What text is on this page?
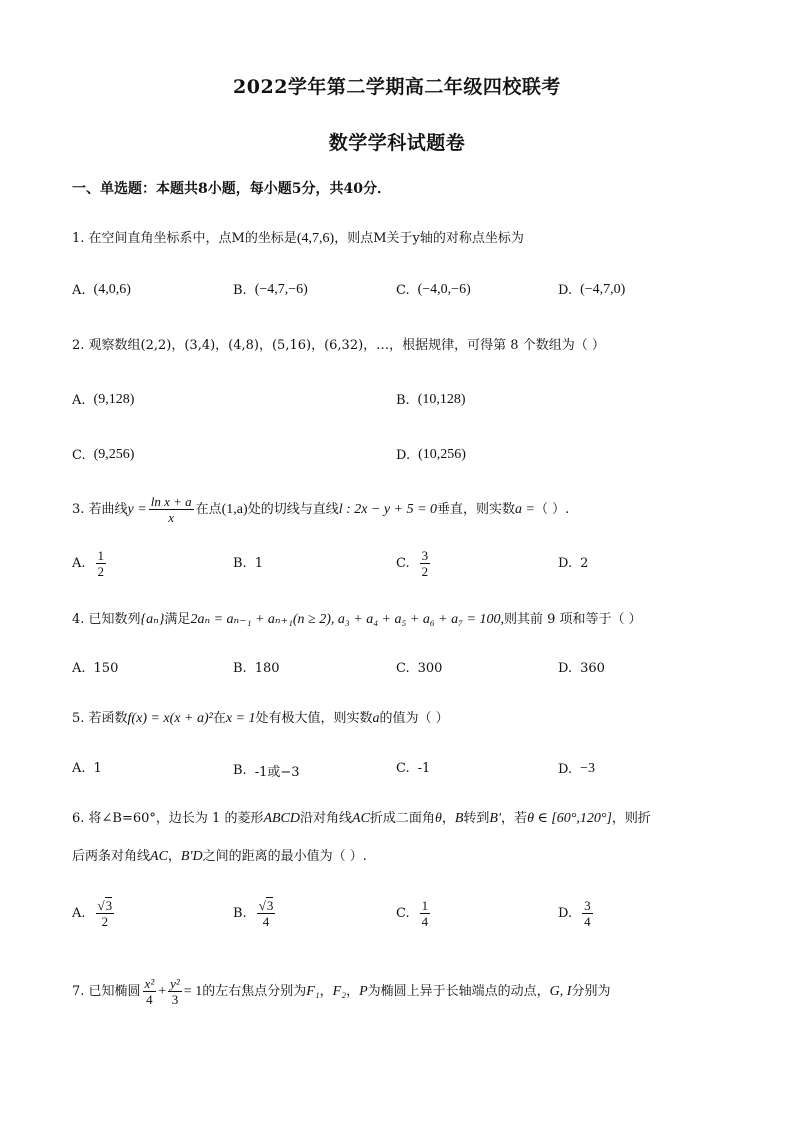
2022学年第二学期高二年级四校联考
数学学科试题卷
一、单选题：本题共8小题，每小题5分，共40分．
1. 在空间直角坐标系中，点M的坐标是(4,7,6)，则点M关于y轴的对称点坐标为
A. (4,0,6)	B. (−4,7,−6)	C. (−4,0,−6)	D. (−4,7,0)
2. 观察数组(2,2)，(3,4)，(4,8)，(5,16)，(6,32)，…，根据规律，可得第 8 个数组为（ ）
A. (9,128)	B. (10,128)
C. (9,256)	D. (10,256)
3. 若曲线$y = \frac{\text{ln x + a}}{x}$ 在点(1,a)处的切线与直线l : 2x − y + 5 = 0垂直，则实数a =（ ）.
A. $\frac{1}{2}$	B. 1	C. $\frac{3}{2}$	D. 2
4. 已知数列{aₙ}满足2aₙ = aₙ₋₁ + aₙ₊₁(n ≥ 2), a₃ + a₄ + a₅ + a₆ + a₇ = 100,则其前 9 项和等于（ ）
A. 150	B. 180	C. 300	D. 360
5. 若函数f(x) = x(x + a)²在x = 1处有极大值，则实数a的值为（ ）
A. 1	B. -1或−3	C. -1	D. −3
6. 将∠B=60°，边长为 1 的菱形ABCD沿对角线AC折成二面角θ，B转到B′，若θ ∈ [60°,120°]，则折
后两条对角线AC，B′D之间的距离的最小值为（ ）.
A. $\frac{√3}{2}$	B. $\frac{√3}{4}$	C. $\frac{1}{4}$	D. $\frac{3}{4}$
7. 已知椭圆 $\frac{\text{x²}}{4} + \frac{\text{y²}}{3} = 1$的左右焦点分别为F₁，F₂，P为椭圆上异于长轴端点的动点，G, I分别为
